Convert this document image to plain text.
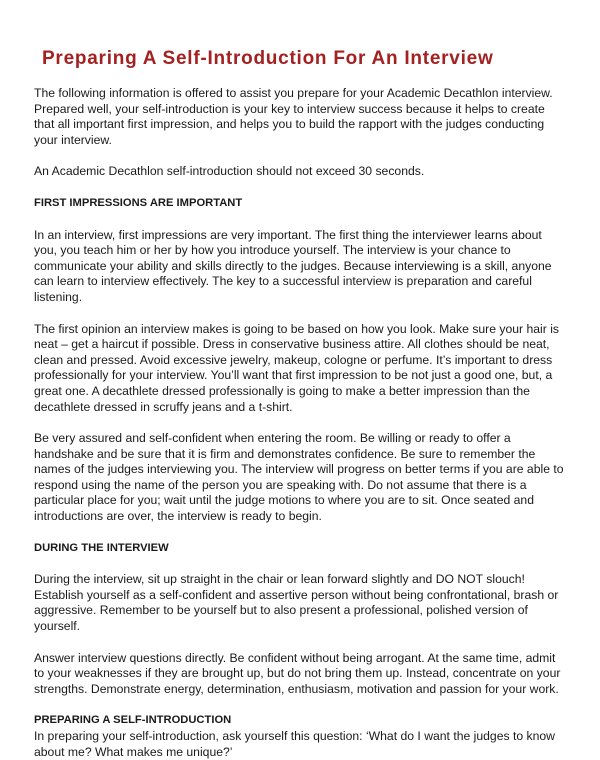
Preparing A Self-Introduction For An Interview

The following information is offered to assist you prepare for your Academic Decathlon interview. Prepared well, your self-introduction is your key to interview success because it helps to create that all important first impression, and helps you to build the rapport with the judges conducting your interview.

An Academic Decathlon self-introduction should not exceed 30 seconds.

FIRST IMPRESSIONS ARE IMPORTANT

In an interview, first impressions are very important. The first thing the interviewer learns about you, you teach him or her by how you introduce yourself. The interview is your chance to communicate your ability and skills directly to the judges. Because interviewing is a skill, anyone can learn to interview effectively. The key to a successful interview is preparation and careful listening.

The first opinion an interview makes is going to be based on how you look. Make sure your hair is neat – get a haircut if possible. Dress in conservative business attire. All clothes should be neat, clean and pressed. Avoid excessive jewelry, makeup, cologne or perfume. It’s important to dress professionally for your interview. You’ll want that first impression to be not just a good one, but, a great one. A decathlete dressed professionally is going to make a better impression than the decathlete dressed in scruffy jeans and a t-shirt.

Be very assured and self-confident when entering the room. Be willing or ready to offer a handshake and be sure that it is firm and demonstrates confidence. Be sure to remember the names of the judges interviewing you. The interview will progress on better terms if you are able to respond using the name of the person you are speaking with. Do not assume that there is a particular place for you; wait until the judge motions to where you are to sit. Once seated and introductions are over, the interview is ready to begin.

DURING THE INTERVIEW

During the interview, sit up straight in the chair or lean forward slightly and DO NOT slouch! Establish yourself as a self-confident and assertive person without being confrontational, brash or aggressive. Remember to be yourself but to also present a professional, polished version of yourself.

Answer interview questions directly. Be confident without being arrogant. At the same time, admit to your weaknesses if they are brought up, but do not bring them up. Instead, concentrate on your strengths. Demonstrate energy, determination, enthusiasm, motivation and passion for your work.

PREPARING A SELF-INTRODUCTION

In preparing your self-introduction, ask yourself this question: ‘What do I want the judges to know about me? What makes me unique?’
